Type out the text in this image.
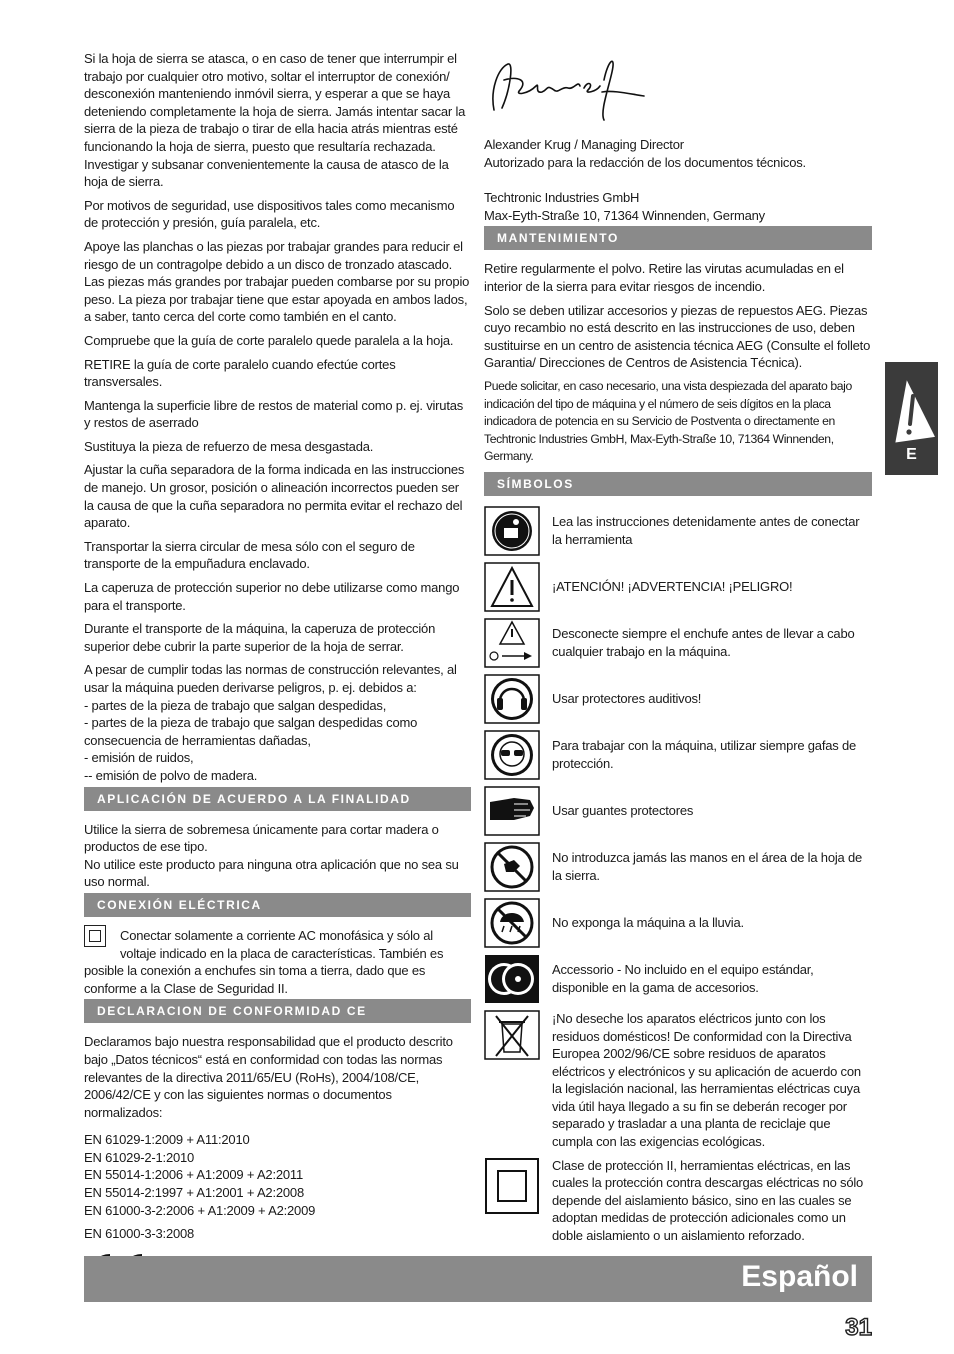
Si la hoja de sierra se atasca, o en caso de tener que interrumpir el trabajo por cualquier otro motivo, soltar el interruptor de conexión/ desconexión manteniendo inmóvil sierra, y esperar a que se haya deteniendo completamente la hoja de sierra. Jamás intentar sacar la sierra de la pieza de trabajo o tirar de ella hacia atrás mientras esté funcionando la hoja de sierra, puesto que resultaría rechazada. Investigar y subsanar convenientemente la causa de atasco de la hoja de sierra.

Por motivos de seguridad, use dispositivos tales como mecanismo de protección y presión, guía paralela, etc.

Apoye las planchas o las piezas por trabajar grandes para reducir el riesgo de un contragolpe debido a un disco de tronzado atascado. Las piezas más grandes por trabajar pueden combarse por su propio peso. La pieza por trabajar tiene que estar apoyada en ambos lados, a saber, tanto cerca del corte como también en el canto.

Compruebe que la guía de corte paralelo quede paralela a la hoja.

RETIRE la guía de corte paralelo cuando efectúe cortes transversales.

Mantenga la superficie libre de restos de material como p. ej. virutas y restos de aserrado

Sustituya la pieza de refuerzo de mesa desgastada.

Ajustar la cuña separadora de la forma indicada en las instrucciones de manejo. Un grosor, posición o alineación incorrectos pueden ser la causa de que la cuña separadora no permita evitar el rechazo del aparato.

Transportar la sierra circular de mesa sólo con el seguro de transporte de la empuñadura enclavado.

La caperuza de protección superior no debe utilizarse como mango para el transporte.

Durante el transporte de la máquina, la caperuza de protección superior debe cubrir la parte superior de la hoja de serrar.

A pesar de cumplir todas las normas de construcción relevantes, al usar la máquina pueden derivarse peligros, p. ej. debidos a:
- partes de la pieza de trabajo que salgan despedidas,
- partes de la pieza de trabajo que salgan despedidas como consecuencia de herramientas dañadas,
- emisión de ruidos,
-- emisión de polvo de madera.

APLICACIÓN DE ACUERDO A LA FINALIDAD

Utilice la sierra de sobremesa únicamente para cortar madera o productos de ese tipo.
No utilice este producto para ninguna otra aplicación que no sea su uso normal.

CONEXIÓN ELÉCTRICA

Conectar solamente a corriente AC monofásica y sólo al voltaje indicado en la placa de características. También es posible la conexión a enchufes sin toma a tierra, dado que es conforme a la Clase de Seguridad II.

DECLARACION DE CONFORMIDAD CE

Declaramos bajo nuestra responsabilidad que el producto descrito bajo „Datos técnicos“ está en conformidad con todas las normas relevantes de la directiva 2011/65/EU (RoHs), 2004/108/CE, 2006/42/CE y con las siguientes normas o documentos normalizados:

EN 61029-1:2009 + A11:2010
EN 61029-2-1:2010
EN 55014-1:2006 + A1:2009 + A2:2011
EN 55014-2:1997 + A1:2001 + A2:2008
EN 61000-3-2:2006 + A1:2009 + A2:2009

EN 61000-3-3:2008

Alexander Krug / Managing Director
Autorizado para la redacción de los documentos técnicos.

Techtronic Industries GmbH
Max-Eyth-Straße 10, 71364 Winnenden, Germany

MANTENIMIENTO

Retire regularmente el polvo. Retire las virutas acumuladas en el interior de la sierra para evitar riesgos de incendio.

Solo se deben utilizar accesorios y piezas de repuestos AEG. Piezas cuyo recambio no está descrito en las instrucciones de uso, deben sustituirse en un centro de asistencia técnica AEG (Consulte el folleto Garantia/ Direcciones de Centros de Asistencia Técnica).

Puede solicitar, en caso necesario, una vista despiezada del aparato bajo indicación del tipo de máquina y el número de seis dígitos en la placa indicadora de potencia en su Servicio de Postventa o directamente en Techtronic Industries GmbH, Max-Eyth-Straße 10, 71364 Winnenden, Germany.

SÍMBOLOS
Lea las instrucciones detenidamente antes de conectar la herramienta
¡ATENCIÓN! ¡ADVERTENCIA! ¡PELIGRO!
Desconecte siempre el enchufe antes de llevar a cabo cualquier trabajo en la máquina.
Usar protectores auditivos!
Para trabajar con la máquina, utilizar siempre gafas de protección.
Usar guantes protectores
No introduzca jamás las manos en el área de la hoja de la sierra.
No exponga la máquina a la lluvia.
Accessorio - No incluido en el equipo estándar, disponible en la gama de accesorios.
¡No deseche los aparatos eléctricos junto con los residuos domésticos! De conformidad con la Directiva Europea 2002/96/CE sobre residuos de aparatos eléctricos y electrónicos y su aplicación de acuerdo con la legislación nacional, las herramientas eléctricas cuya vida útil haya llegado a su fin se deberán recoger por separado y trasladar a una planta de reciclaje que cumpla con las exigencias ecológicas.
Clase de protección II, herramientas eléctricas, en las cuales la protección contra descargas eléctricas no sólo depende del aislamiento básico, sino en las cuales se adoptan medidas de protección adicionales como un doble aislamiento o un aislamiento reforzado.
E
Español
31
